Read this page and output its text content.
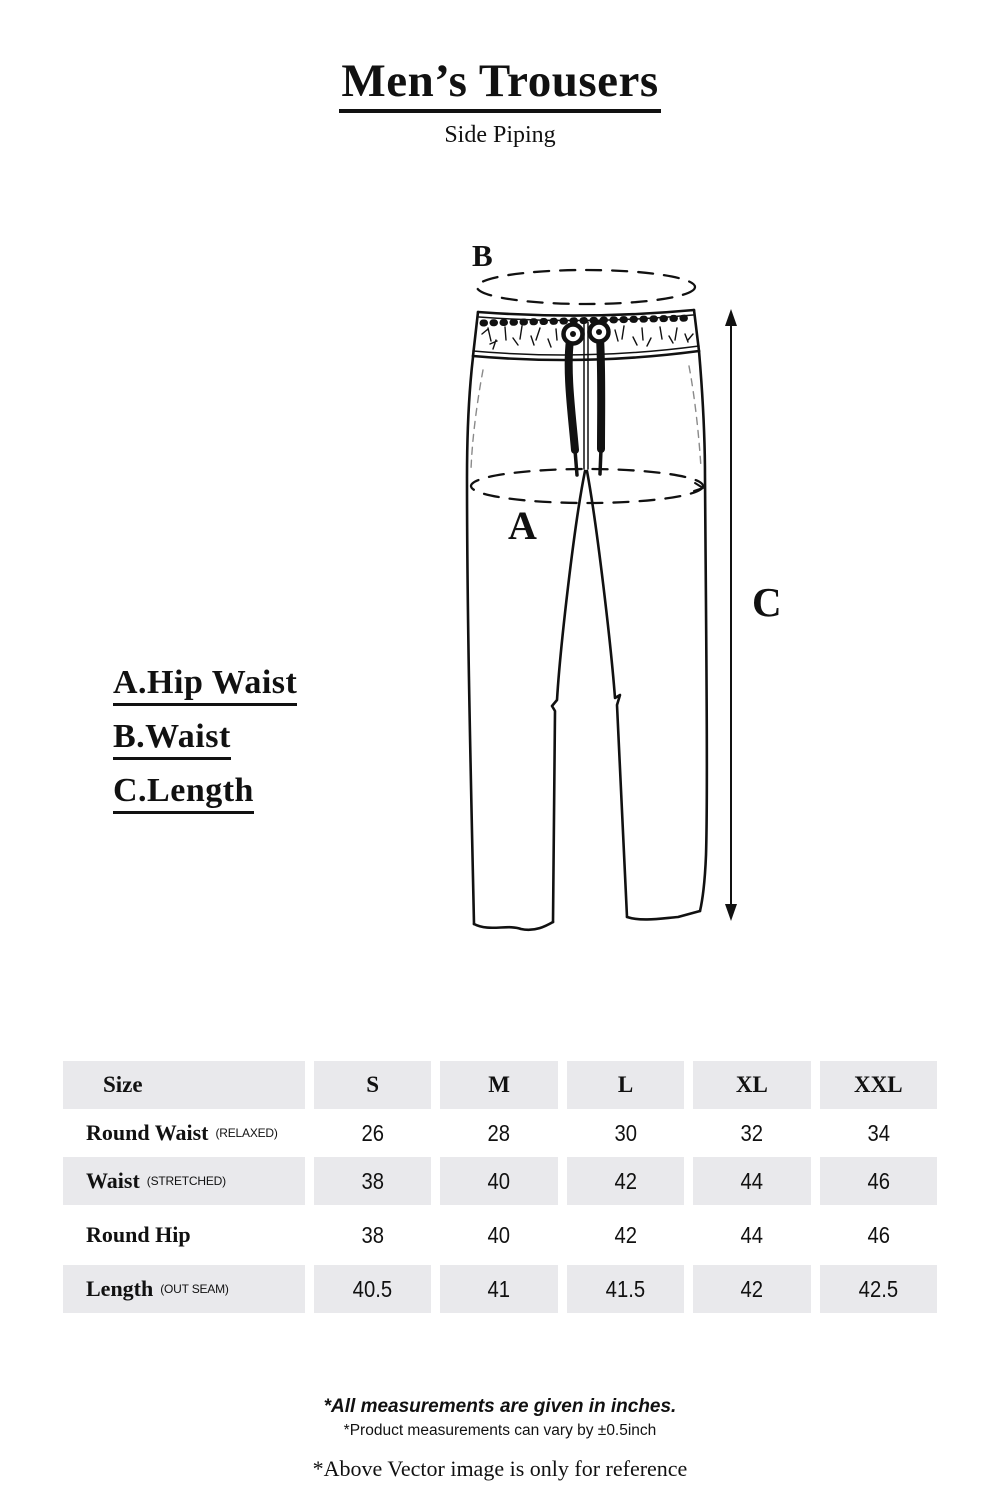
Men’s Trousers
Side Piping
B
A
C
A.Hip Waist
B.Waist
C.Length
Size	S	M	L	XL	XXL
Round Waist (RELAXED)	26	28	30	32	34
Waist (STRETCHED)	38	40	42	44	46
Round Hip	38	40	42	44	46
Length (OUT SEAM)	40.5	41	41.5	42	42.5
*All measurements are given in inches.
*Product measurements can vary by ±0.5inch
*Above Vector image is only for reference
